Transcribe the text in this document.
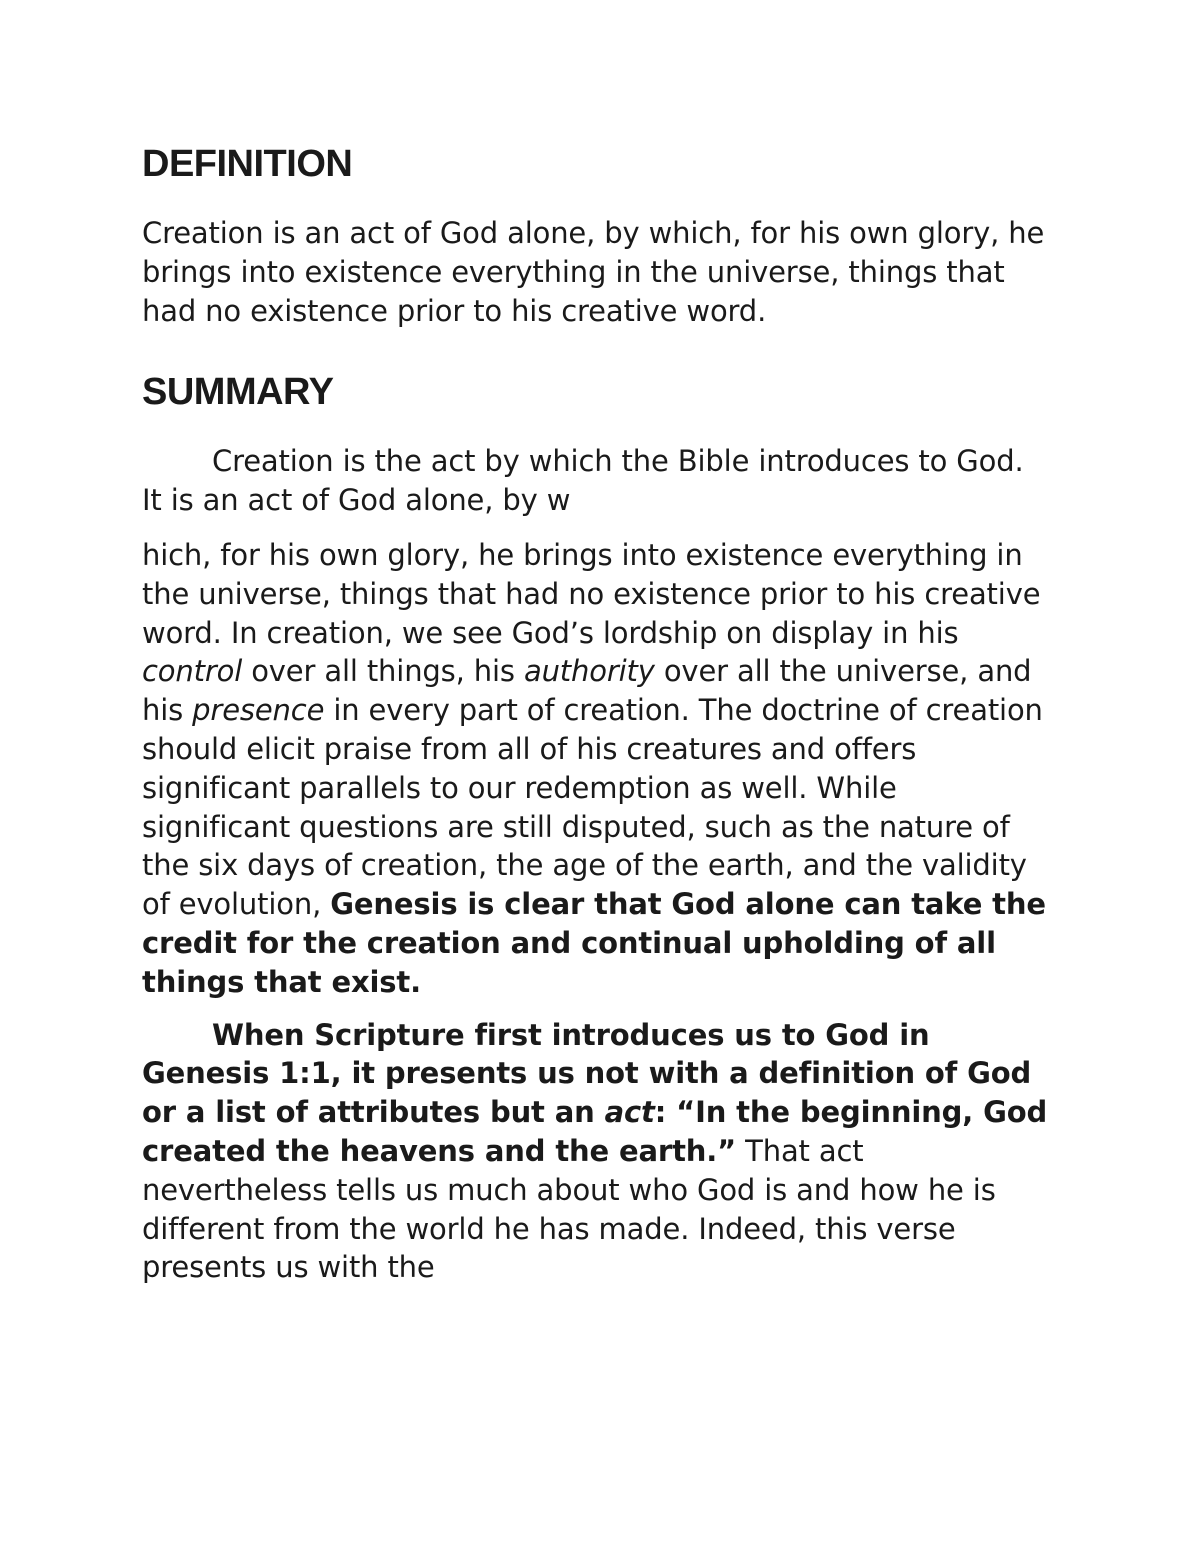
DEFINITION

Creation is an act of God alone, by which, for his own glory, he brings into existence everything in the universe, things that had no existence prior to his creative word.

SUMMARY

Creation is the act by which the Bible introduces to God. It is an act of God alone, by w

hich, for his own glory, he brings into existence everything in the universe, things that had no existence prior to his creative word. In creation, we see God’s lordship on display in his control over all things, his authority over all the universe, and his presence in every part of creation. The doctrine of creation should elicit praise from all of his creatures and offers significant parallels to our redemption as well. While significant questions are still disputed, such as the nature of the six days of creation, the age of the earth, and the validity of evolution, Genesis is clear that God alone can take the credit for the creation and continual upholding of all things that exist.

When Scripture first introduces us to God in Genesis 1:1, it presents us not with a definition of God or a list of attributes but an act: “In the beginning, God created the heavens and the earth.” That act nevertheless tells us much about who God is and how he is different from the world he has made. Indeed, this verse presents us with the
